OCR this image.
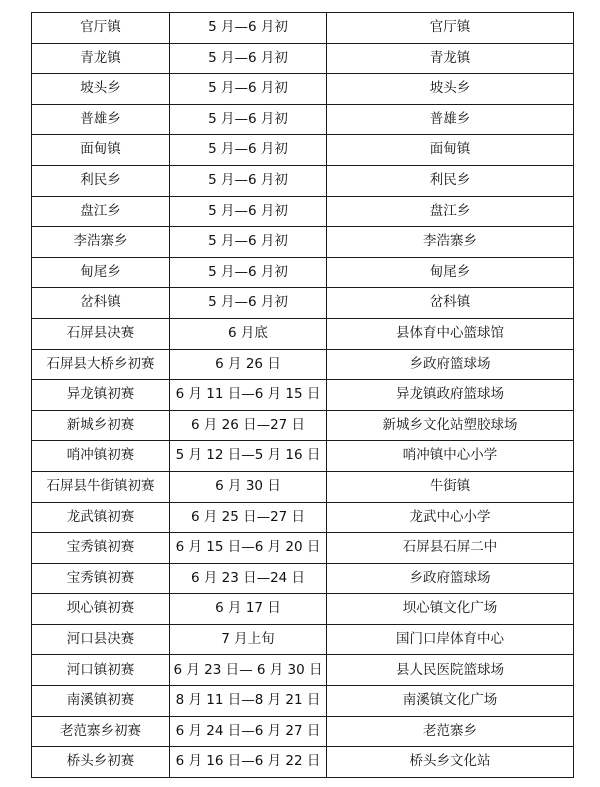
官厅镇	5 月—6 月初	官厅镇
青龙镇	5 月—6 月初	青龙镇
坡头乡	5 月—6 月初	坡头乡
普雄乡	5 月—6 月初	普雄乡
面甸镇	5 月—6 月初	面甸镇
利民乡	5 月—6 月初	利民乡
盘江乡	5 月—6 月初	盘江乡
李浩寨乡	5 月—6 月初	李浩寨乡
甸尾乡	5 月—6 月初	甸尾乡
岔科镇	5 月—6 月初	岔科镇
石屏县决赛	6 月底	县体育中心篮球馆
石屏县大桥乡初赛	6 月 26 日	乡政府篮球场
异龙镇初赛	6 月 11 日—6 月 15 日	异龙镇政府篮球场
新城乡初赛	6 月 26 日—27 日	新城乡文化站塑胶球场
哨冲镇初赛	5 月 12 日—5 月 16 日	哨冲镇中心小学
石屏县牛街镇初赛	6 月 30 日	牛街镇
龙武镇初赛	6 月 25 日—27 日	龙武中心小学
宝秀镇初赛	6 月 15 日—6 月 20 日	石屏县石屏二中
宝秀镇初赛	6 月 23 日—24 日	乡政府篮球场
坝心镇初赛	6 月 17 日	坝心镇文化广场
河口县决赛	7 月上旬	国门口岸体育中心
河口镇初赛	6 月 23 日— 6 月 30 日	县人民医院篮球场
南溪镇初赛	8 月 11 日—8 月 21 日	南溪镇文化广场
老范寨乡初赛	6 月 24 日—6 月 27 日	老范寨乡
桥头乡初赛	6 月 16 日—6 月 22 日	桥头乡文化站
